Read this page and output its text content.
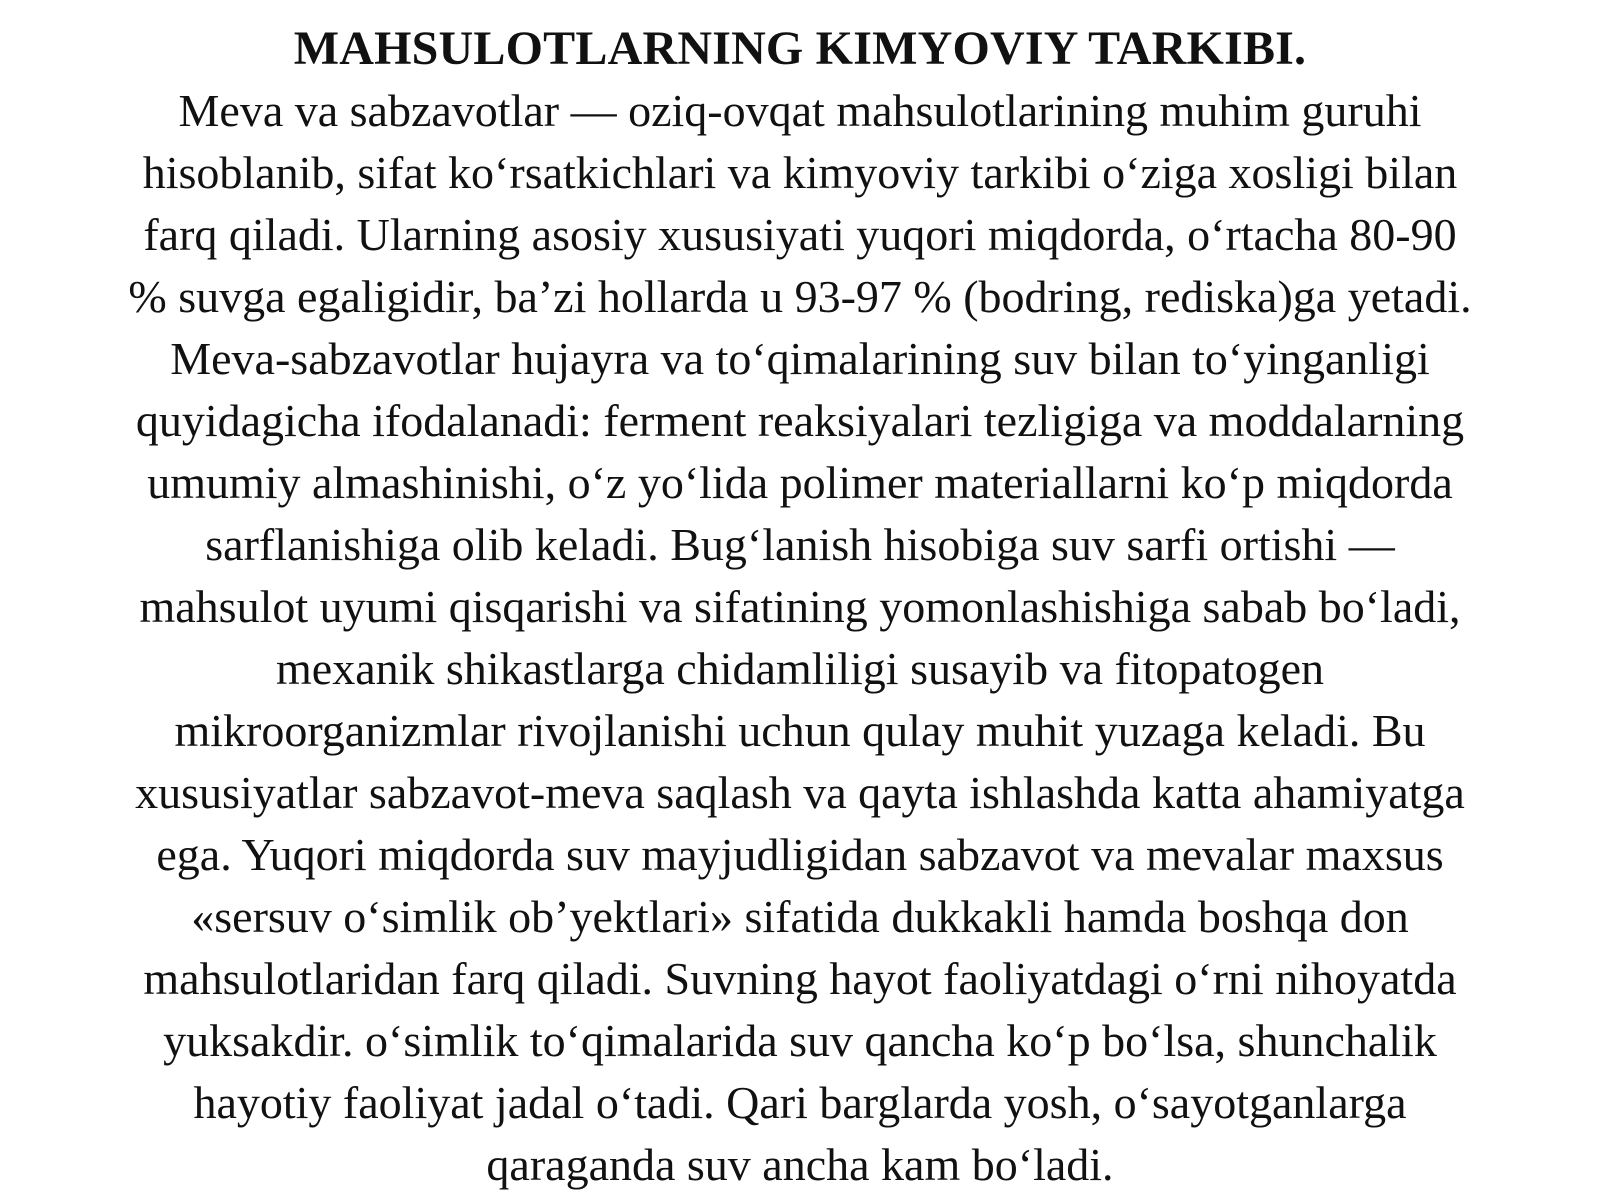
MAHSULOTLARNING KIMYOVIY TARKIBI.
Meva va sabzavotlar — oziq-ovqat mahsulotlarining muhim guruhi
hisoblanib, sifat koʻrsatkichlari va kimyoviy tarkibi oʻziga xosligi bilan
farq qiladi. Ularning asosiy xususiyati yuqori miqdorda, oʻrtacha 80-90
% suvga egaligidir, baʼzi hollarda u 93-97 % (bodring, rediska)ga yetadi.
Meva-sabzavotlar hujayra va toʻqimalarining suv bilan toʻyinganligi
quyidagicha ifodalanadi: ferment reaksiyalari tezligiga va moddalarning
umumiy almashinishi, oʻz yoʻlida polimer materiallarni koʻp miqdorda
sarflanishiga olib keladi. Bugʻlanish hisobiga suv sarfi ortishi —
mahsulot uyumi qisqarishi va sifatining yomonlashishiga sabab boʻladi,
mexanik shikastlarga chidamliligi susayib va fitopatogen
mikroorganizmlar rivojlanishi uchun qulay muhit yuzaga keladi. Bu
xususiyatlar sabzavot-meva saqlash va qayta ishlashda katta ahamiyatga
ega. Yuqori miqdorda suv mayjudligidan sabzavot va mevalar maxsus
«sersuv oʻsimlik obʼyektlari» sifatida dukkakli hamda boshqa don
mahsulotlaridan farq qiladi. Suvning hayot faoliyatdagi oʻrni nihoyatda
yuksakdir. oʻsimlik toʻqimalarida suv qancha koʻp boʻlsa, shunchalik
hayotiy faoliyat jadal oʻtadi. Qari barglarda yosh, oʻsayotganlarga
qaraganda suv ancha kam boʻladi.
